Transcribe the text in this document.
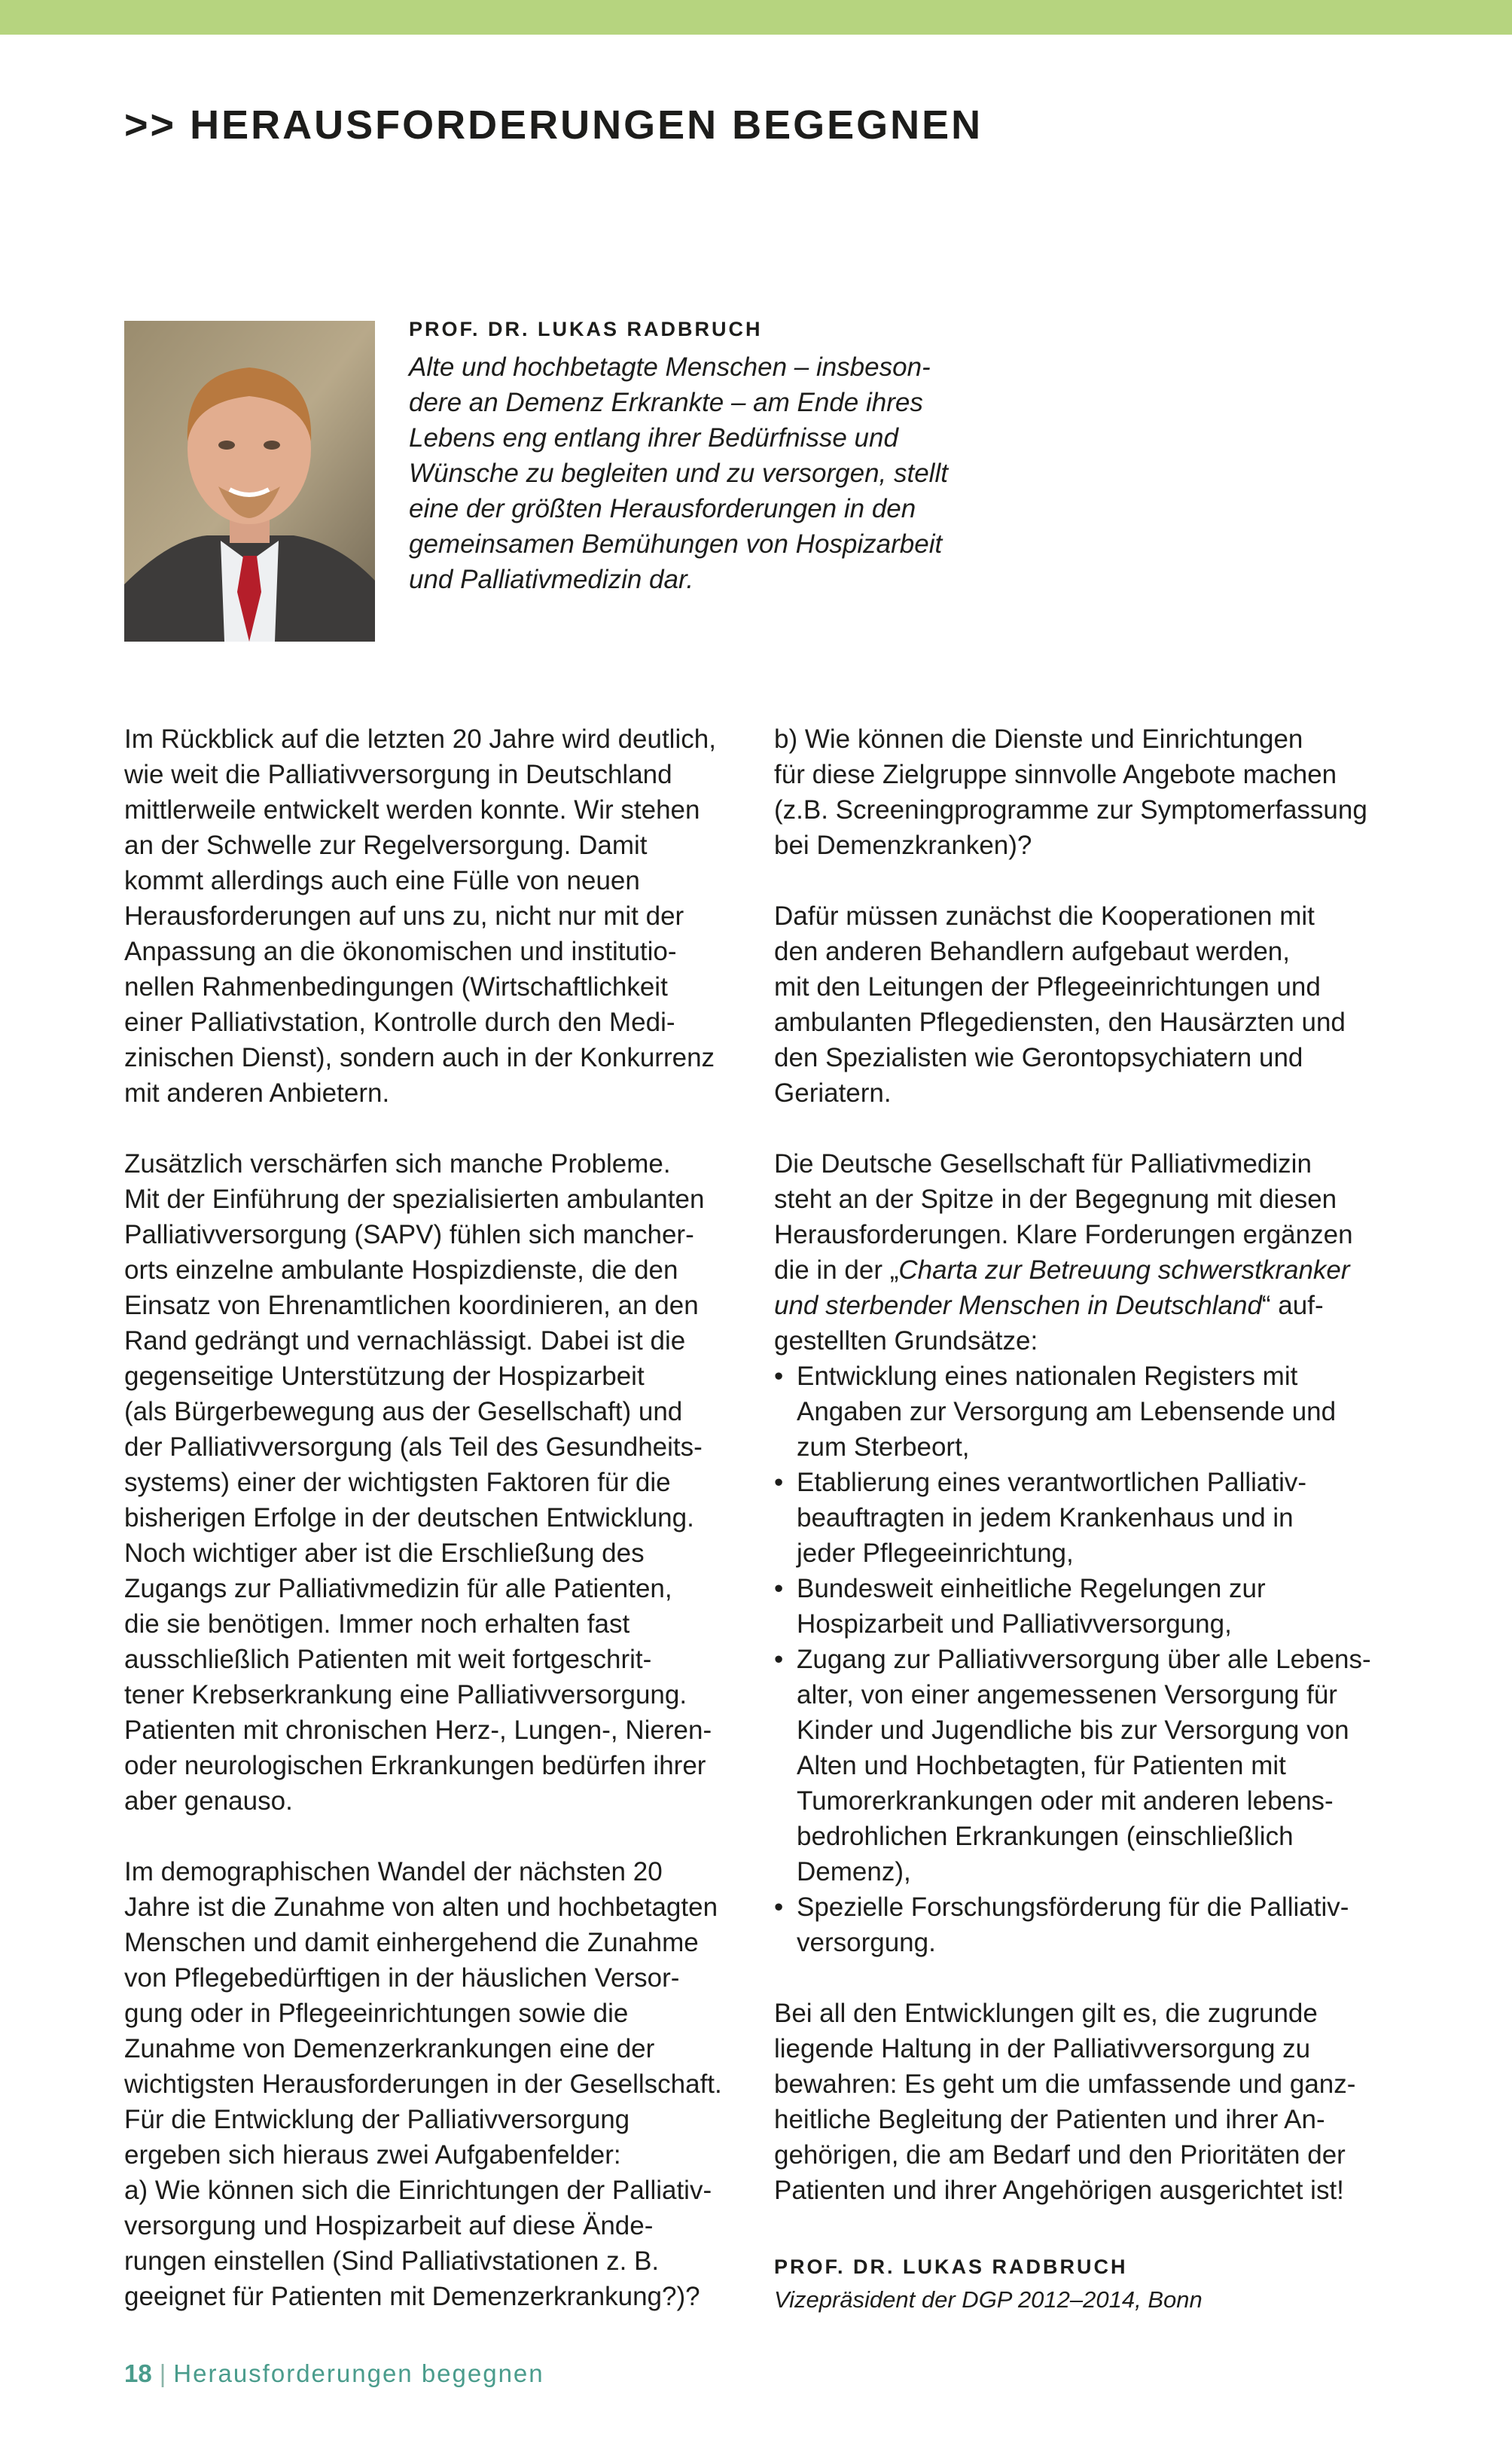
>> HERAUSFORDERUNGEN BEGEGNEN
PROF. DR. LUKAS RADBRUCH

Alte und hochbetagte Menschen – insbeson-
dere an Demenz Erkrankte – am Ende ihres
Lebens eng entlang ihrer Bedürfnisse und
Wünsche zu begleiten und zu versorgen, stellt
eine der größten Herausforderungen in den
gemeinsamen Bemühungen von Hospizarbeit
und Palliativmedizin dar.

Im Rückblick auf die letzten 20 Jahre wird deutlich,
wie weit die Palliativversorgung in Deutschland
mittlerweile entwickelt werden konnte. Wir stehen
an der Schwelle zur Regelversorgung. Damit
kommt allerdings auch eine Fülle von neuen
Herausforderungen auf uns zu, nicht nur mit der
Anpassung an die ökonomischen und institutio-
nellen Rahmenbedingungen (Wirtschaftlichkeit
einer Palliativstation, Kontrolle durch den Medi-
zinischen Dienst), sondern auch in der Konkurrenz
mit anderen Anbietern.

Zusätzlich verschärfen sich manche Probleme.
Mit der Einführung der spezialisierten ambulanten
Palliativversorgung (SAPV) fühlen sich mancher-
orts einzelne ambulante Hospizdienste, die den
Einsatz von Ehrenamtlichen koordinieren, an den
Rand gedrängt und vernachlässigt. Dabei ist die
gegenseitige Unterstützung der Hospizarbeit
(als Bürgerbewegung aus der Gesellschaft) und
der Palliativversorgung (als Teil des Gesundheits-
systems) einer der wichtigsten Faktoren für die
bisherigen Erfolge in der deutschen Entwicklung.
Noch wichtiger aber ist die Erschließung des
Zugangs zur Palliativmedizin für alle Patienten,
die sie benötigen. Immer noch erhalten fast
ausschließlich Patienten mit weit fortgeschrit-
tener Krebserkrankung eine Palliativversorgung.
Patienten mit chronischen Herz-, Lungen-, Nieren-
oder neurologischen Erkrankungen bedürfen ihrer
aber genauso.

Im demographischen Wandel der nächsten 20
Jahre ist die Zunahme von alten und hochbetagten
Menschen und damit einhergehend die Zunahme
von Pflegebedürftigen in der häuslichen Versor-
gung oder in Pflegeeinrichtungen sowie die
Zunahme von Demenzerkrankungen eine der
wichtigsten Herausforderungen in der Gesellschaft.
Für die Entwicklung der Palliativversorgung
ergeben sich hieraus zwei Aufgabenfelder:
a) Wie können sich die Einrichtungen der Palliativ-
versorgung und Hospizarbeit auf diese Ände-
rungen einstellen (Sind Palliativstationen z. B.
geeignet für Patienten mit Demenzerkrankung?)?

b) Wie können die Dienste und Einrichtungen
für diese Zielgruppe sinnvolle Angebote machen
(z.B. Screeningprogramme zur Symptomerfassung
bei Demenzkranken)?

Dafür müssen zunächst die Kooperationen mit
den anderen Behandlern aufgebaut werden,
mit den Leitungen der Pflegeeinrichtungen und
ambulanten Pflegediensten, den Hausärzten und
den Spezialisten wie Gerontopsychiatern und
Geriatern.

Die Deutsche Gesellschaft für Palliativmedizin
steht an der Spitze in der Begegnung mit diesen
Herausforderungen. Klare Forderungen ergänzen
die in der „Charta zur Betreuung schwerstkranker
und sterbender Menschen in Deutschland“ auf-
gestellten Grundsätze:

• Entwicklung eines nationalen Registers mit
Angaben zur Versorgung am Lebensende und
zum Sterbeort,
• Etablierung eines verantwortlichen Palliativ-
beauftragten in jedem Krankenhaus und in
jeder Pflegeeinrichtung,
• Bundesweit einheitliche Regelungen zur
Hospizarbeit und Palliativversorgung,
• Zugang zur Palliativversorgung über alle Lebens-
alter, von einer angemessenen Versorgung für
Kinder und Jugendliche bis zur Versorgung von
Alten und Hochbetagten, für Patienten mit
Tumorerkrankungen oder mit anderen lebens-
bedrohlichen Erkrankungen (einschließlich
Demenz),
• Spezielle Forschungsförderung für die Palliativ-
versorgung.

Bei all den Entwicklungen gilt es, die zugrunde
liegende Haltung in der Palliativversorgung zu
bewahren: Es geht um die umfassende und ganz-
heitliche Begleitung der Patienten und ihrer An-
gehörigen, die am Bedarf und den Prioritäten der
Patienten und ihrer Angehörigen ausgerichtet ist!

PROF. DR. LUKAS RADBRUCH
Vizepräsident der DGP 2012–2014, Bonn
18 | Herausforderungen begegnen
